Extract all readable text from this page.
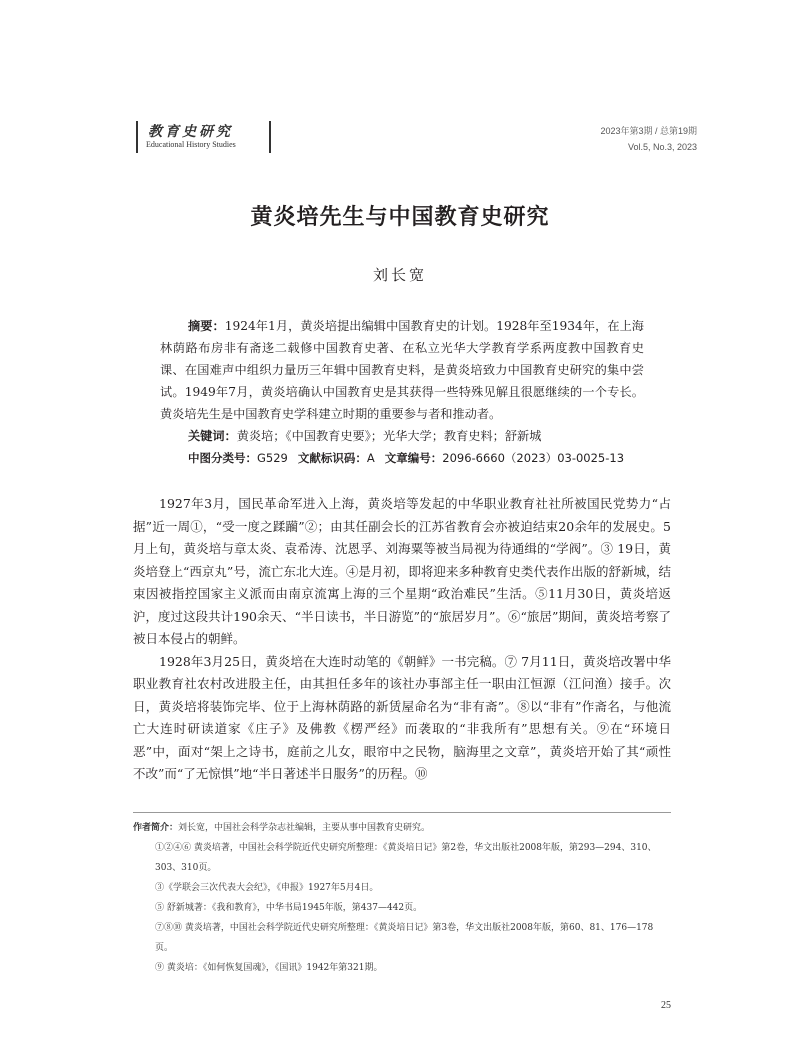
教育史研究
Educational History Studies
2023年第3期 / 总第19期
Vol.5, No.3, 2023
黄炎培先生与中国教育史研究
刘长宽

摘要：1924年1月，黄炎培提出编辑中国教育史的计划。1928年至1934年，在上海林荫路布房非有斋迻二载修中国教育史著、在私立光华大学教育学系两度教中国教育史课、在国难声中组织力量历三年辑中国教育史料，是黄炎培致力中国教育史研究的集中尝试。1949年7月，黄炎培确认中国教育史是其获得一些特殊见解且很愿继续的一个专长。黄炎培先生是中国教育史学科建立时期的重要参与者和推动者。

关键词：黄炎培；《中国教育史要》；光华大学；教育史料；舒新城

中图分类号：G529 文献标识码：A 文章编号：2096-6660（2023）03-0025-13

1927年3月，国民革命军进入上海，黄炎培等发起的中华职业教育社社所被国民党势力“占据”近一周①，“受一度之蹂躏”②；由其任副会长的江苏省教育会亦被迫结束20余年的发展史。5月上旬，黄炎培与章太炎、袁希涛、沈恩孚、刘海粟等被当局视为待通缉的“学阀”。③ 19日，黄炎培登上“西京丸”号，流亡东北大连。④是月初，即将迎来多种教育史类代表作出版的舒新城，结束因被指控国家主义派而由南京流寓上海的三个星期“政治难民”生活。⑤11月30日，黄炎培返沪，度过这段共计190余天、“半日读书，半日游览”的“旅居岁月”。⑥“旅居”期间，黄炎培考察了被日本侵占的朝鲜。

1928年3月25日，黄炎培在大连时动笔的《朝鲜》一书完稿。⑦ 7月11日，黄炎培改署中华职业教育社农村改进股主任，由其担任多年的该社办事部主任一职由江恒源（江问渔）接手。次日，黄炎培将装饰完毕、位于上海林荫路的新赁屋命名为“非有斋”。⑧以“非有”作斋名，与他流亡大连时研读道家《庄子》及佛教《楞严经》而袭取的“非我所有”思想有关。⑨在“环境日恶”中，面对“架上之诗书，庭前之儿女，眼帘中之民物，脑海里之文章”，黄炎培开始了其“顽性不改”而“了无惊惧”地“半日著述半日服务”的历程。⑩

作者简介：刘长宽，中国社会科学杂志社编辑，主要从事中国教育史研究。

①②④⑥ 黄炎培著，中国社会科学院近代史研究所整理：《黄炎培日记》第2卷，华文出版社2008年版，第293—294、310、303、310页。

③《学联会三次代表大会纪》，《申报》1927年5月4日。

⑤ 舒新城著：《我和教育》，中华书局1945年版，第437—442页。

⑦⑧⑩ 黄炎培著，中国社会科学院近代史研究所整理：《黄炎培日记》第3卷，华文出版社2008年版，第60、81、176—178页。

⑨ 黄炎培：《如何恢复国魂》，《国讯》1942年第321期。

25
